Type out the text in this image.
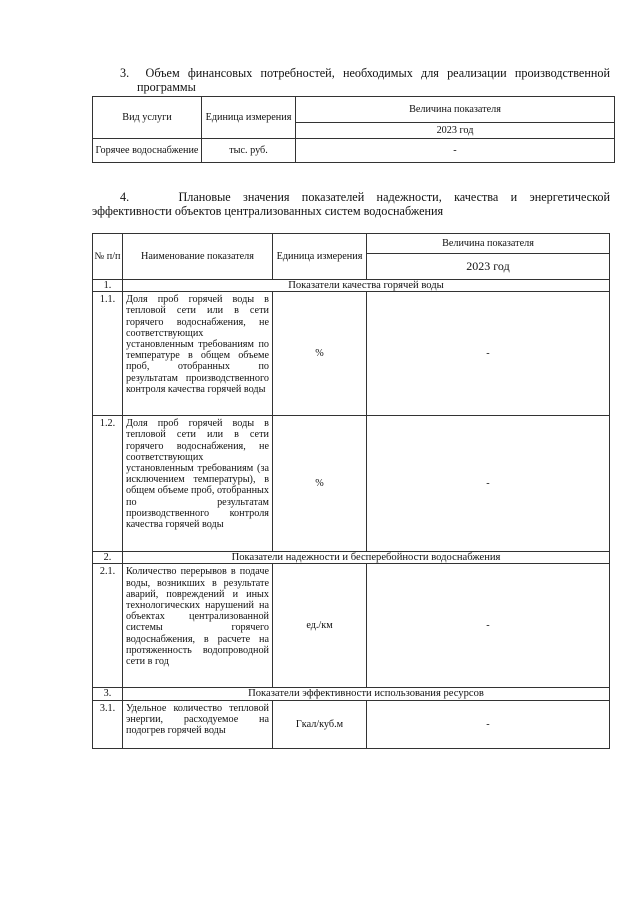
3. Объем финансовых потребностей, необходимых для реализации производственной

программы

Вид услуги	Единица измерения	Величина показателя
		2023 год
Горячее водоснабжение	тыс. руб.	-

4.	Плановые значения показателей надежности, качества и энергетической

эффективности объектов централизованных систем водоснабжения

№ п/п	Наименование показателя	Единица измерения	Величина показателя
			2023 год
1.	Показатели качества горячей воды		
1.1.	Доля проб горячей воды в тепловой сети или в сети горячего водоснабжения, не соответствующих установленным требованиям по температуре в общем объеме проб, отобранных по результатам производственного контроля качества горячей воды	%	-
1.2.	Доля проб горячей воды в тепловой сети или в сети горячего водоснабжения, не соответствующих установленным требованиям (за исключением температуры), в общем объеме проб, отобранных по результатам производственного контроля качества горячей воды	%	-
2.	Показатели надежности и бесперебойности водоснабжения		
2.1.	Количество перерывов в подаче воды, возникших в результате аварий, повреждений и иных технологических нарушений на объектах централизованной системы горячего водоснабжения, в расчете на протяженность водопроводной сети в год	ед./км	-
3.	Показатели эффективности использования ресурсов		
3.1.	Удельное количество тепловой энергии, расходуемое на подогрев горячей воды	Гкал/куб.м	-
